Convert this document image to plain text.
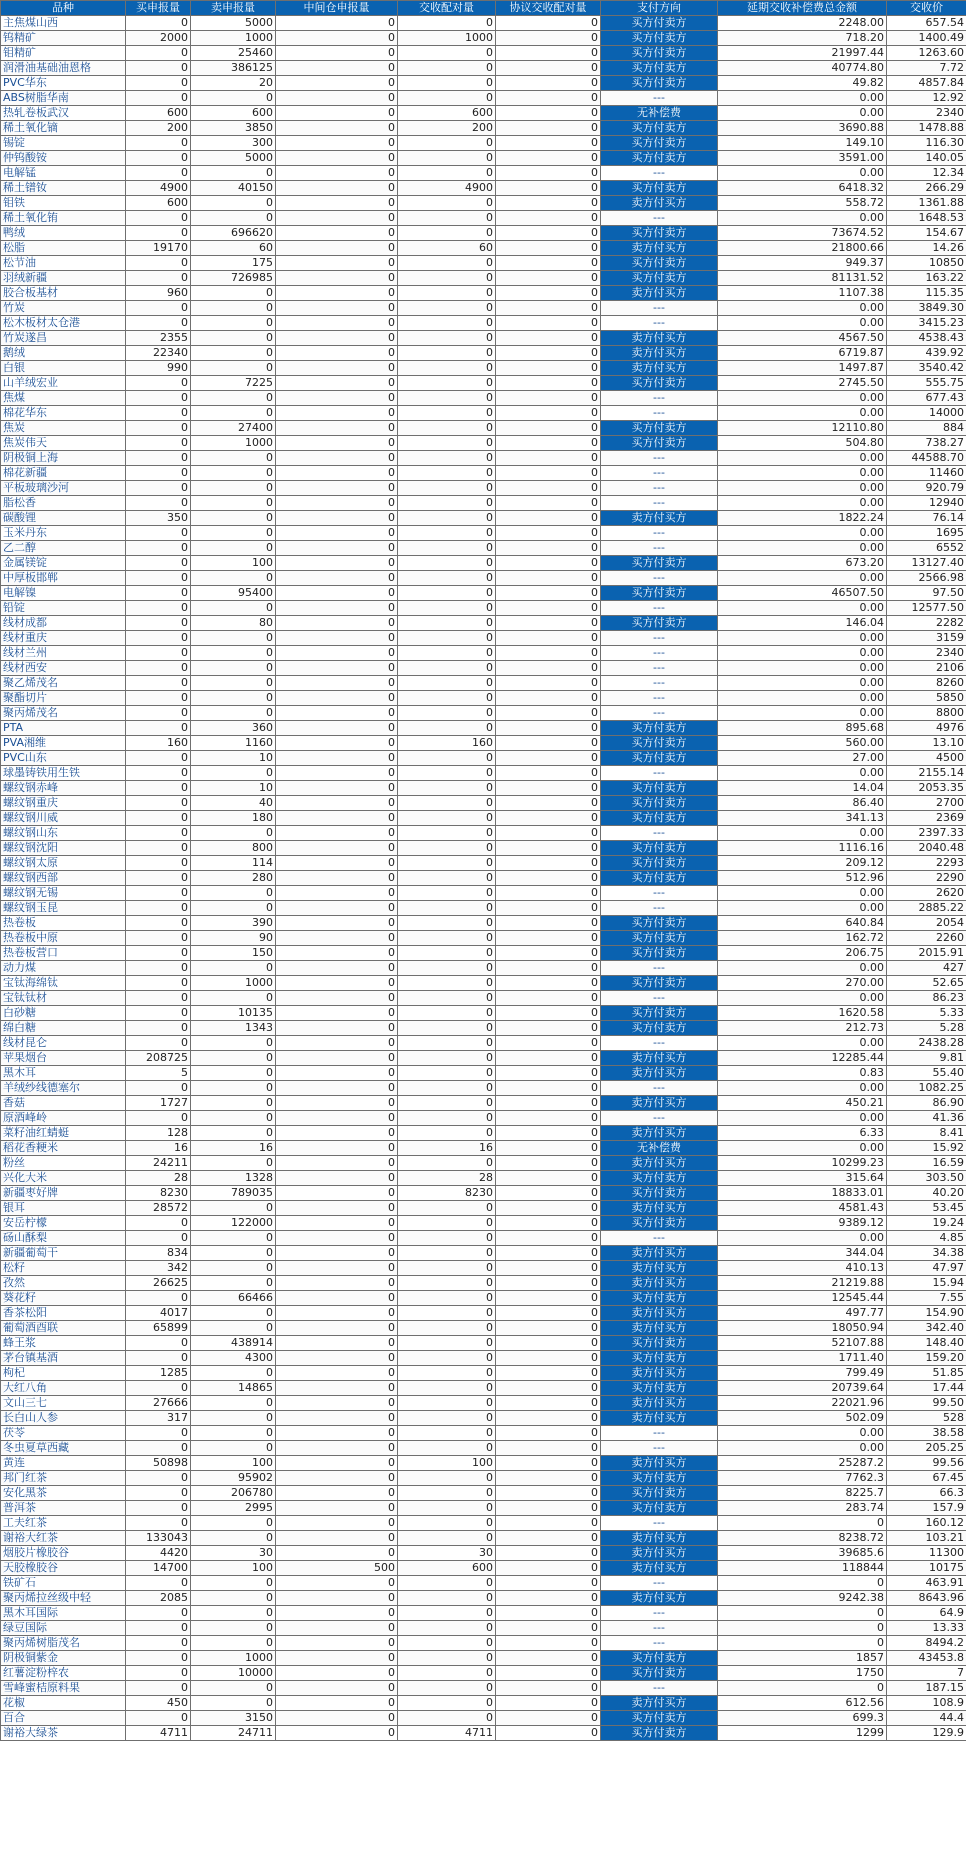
品种	买申报量	卖申报量	中间仓申报量	交收配对量	协议交收配对量	支付方向	延期交收补偿费总金额	交收价
主焦煤山西	0	5000	0	0	0	买方付卖方	2248.00	657.54
钨精矿	2000	1000	0	1000	0	买方付卖方	718.20	1400.49
钼精矿	0	25460	0	0	0	买方付卖方	21997.44	1263.60
润滑油基础油恩格	0	386125	0	0	0	买方付卖方	40774.80	7.72
PVC华东	0	20	0	0	0	买方付卖方	49.82	4857.84
ABS树脂华南	0	0	0	0	0	---	0.00	12.92
热轧卷板武汉	600	600	0	600	0	无补偿费	0.00	2340
稀土氧化镝	200	3850	0	200	0	买方付卖方	3690.88	1478.88
锡锭	0	300	0	0	0	买方付卖方	149.10	116.30
仲钨酸铵	0	5000	0	0	0	买方付卖方	3591.00	140.05
电解锰	0	0	0	0	0	---	0.00	12.34
稀土镨钕	4900	40150	0	4900	0	买方付卖方	6418.32	266.29
钼铁	600	0	0	0	0	卖方付买方	558.72	1361.88
稀土氧化铕	0	0	0	0	0	---	0.00	1648.53
鸭绒	0	696620	0	0	0	买方付卖方	73674.52	154.67
松脂	19170	60	0	60	0	卖方付买方	21800.66	14.26
松节油	0	175	0	0	0	买方付卖方	949.37	10850
羽绒新疆	0	726985	0	0	0	买方付卖方	81131.52	163.22
胶合板基材	960	0	0	0	0	卖方付买方	1107.38	115.35
竹炭	0	0	0	0	0	---	0.00	3849.30
松木板材太仓港	0	0	0	0	0	---	0.00	3415.23
竹炭遂昌	2355	0	0	0	0	卖方付买方	4567.50	4538.43
鹅绒	22340	0	0	0	0	卖方付买方	6719.87	439.92
白银	990	0	0	0	0	卖方付买方	1497.87	3540.42
山羊绒宏业	0	7225	0	0	0	买方付卖方	2745.50	555.75
焦煤	0	0	0	0	0	---	0.00	677.43
棉花华东	0	0	0	0	0	---	0.00	14000
焦炭	0	27400	0	0	0	买方付卖方	12110.80	884
焦炭伟天	0	1000	0	0	0	买方付卖方	504.80	738.27
阴极铜上海	0	0	0	0	0	---	0.00	44588.70
棉花新疆	0	0	0	0	0	---	0.00	11460
平板玻璃沙河	0	0	0	0	0	---	0.00	920.79
脂松香	0	0	0	0	0	---	0.00	12940
碳酸锂	350	0	0	0	0	卖方付买方	1822.24	76.14
玉米丹东	0	0	0	0	0	---	0.00	1695
乙二醇	0	0	0	0	0	---	0.00	6552
金属镁锭	0	100	0	0	0	买方付卖方	673.20	13127.40
中厚板邯郸	0	0	0	0	0	---	0.00	2566.98
电解镍	0	95400	0	0	0	买方付卖方	46507.50	97.50
铅锭	0	0	0	0	0	---	0.00	12577.50
线材成都	0	80	0	0	0	买方付卖方	146.04	2282
线材重庆	0	0	0	0	0	---	0.00	3159
线材兰州	0	0	0	0	0	---	0.00	2340
线材西安	0	0	0	0	0	---	0.00	2106
聚乙烯茂名	0	0	0	0	0	---	0.00	8260
聚酯切片	0	0	0	0	0	---	0.00	5850
聚丙烯茂名	0	0	0	0	0	---	0.00	8800
PTA	0	360	0	0	0	买方付卖方	895.68	4976
PVA湘维	160	1160	0	160	0	买方付卖方	560.00	13.10
PVC山东	0	10	0	0	0	买方付卖方	27.00	4500
球墨铸铁用生铁	0	0	0	0	0	---	0.00	2155.14
螺纹钢赤峰	0	10	0	0	0	买方付卖方	14.04	2053.35
螺纹钢重庆	0	40	0	0	0	买方付卖方	86.40	2700
螺纹钢川威	0	180	0	0	0	买方付卖方	341.13	2369
螺纹钢山东	0	0	0	0	0	---	0.00	2397.33
螺纹钢沈阳	0	800	0	0	0	买方付卖方	1116.16	2040.48
螺纹钢太原	0	114	0	0	0	买方付卖方	209.12	2293
螺纹钢西部	0	280	0	0	0	买方付卖方	512.96	2290
螺纹钢无锡	0	0	0	0	0	---	0.00	2620
螺纹钢玉昆	0	0	0	0	0	---	0.00	2885.22
热卷板	0	390	0	0	0	买方付卖方	640.84	2054
热卷板中原	0	90	0	0	0	买方付卖方	162.72	2260
热卷板营口	0	150	0	0	0	买方付卖方	206.75	2015.91
动力煤	0	0	0	0	0	---	0.00	427
宝钛海绵钛	0	1000	0	0	0	买方付卖方	270.00	52.65
宝钛钛材	0	0	0	0	0	---	0.00	86.23
白砂糖	0	10135	0	0	0	买方付卖方	1620.58	5.33
绵白糖	0	1343	0	0	0	买方付卖方	212.73	5.28
线材昆仑	0	0	0	0	0	---	0.00	2438.28
苹果烟台	208725	0	0	0	0	卖方付买方	12285.44	9.81
黑木耳	5	0	0	0	0	卖方付买方	0.83	55.40
羊绒纱线德塞尔	0	0	0	0	0	---	0.00	1082.25
香菇	1727	0	0	0	0	卖方付买方	450.21	86.90
原酒峰岭	0	0	0	0	0	---	0.00	41.36
菜籽油红蜻蜓	128	0	0	0	0	卖方付买方	6.33	8.41
稻花香粳米	16	16	0	16	0	无补偿费	0.00	15.92
粉丝	24211	0	0	0	0	卖方付买方	10299.23	16.59
兴化大米	28	1328	0	28	0	买方付卖方	315.64	303.50
新疆枣好牌	8230	789035	0	8230	0	买方付卖方	18833.01	40.20
银耳	28572	0	0	0	0	卖方付买方	4581.43	53.45
安岳柠檬	0	122000	0	0	0	买方付卖方	9389.12	19.24
砀山酥梨	0	0	0	0	0	---	0.00	4.85
新疆葡萄干	834	0	0	0	0	卖方付买方	344.04	34.38
松籽	342	0	0	0	0	卖方付买方	410.13	47.97
孜然	26625	0	0	0	0	卖方付买方	21219.88	15.94
葵花籽	0	66466	0	0	0	买方付卖方	12545.44	7.55
香茶松阳	4017	0	0	0	0	卖方付买方	497.77	154.90
葡萄酒酉联	65899	0	0	0	0	卖方付买方	18050.94	342.40
蜂王浆	0	438914	0	0	0	买方付卖方	52107.88	148.40
茅台镇基酒	0	4300	0	0	0	买方付卖方	1711.40	159.20
枸杞	1285	0	0	0	0	卖方付买方	799.49	51.85
大红八角	0	14865	0	0	0	买方付卖方	20739.64	17.44
文山三七	27666	0	0	0	0	卖方付买方	22021.96	99.50
长白山人参	317	0	0	0	0	卖方付买方	502.09	528
茯苓	0	0	0	0	0	---	0.00	38.58
冬虫夏草西藏	0	0	0	0	0	---	0.00	205.25
黄连	50898	100	0	100	0	卖方付买方	25287.2	99.56
邦门红茶	0	95902	0	0	0	买方付卖方	7762.3	67.45
安化黑茶	0	206780	0	0	0	买方付卖方	8225.7	66.3
普洱茶	0	2995	0	0	0	买方付卖方	283.74	157.9
工夫红茶	0	0	0	0	0	---	0	160.12
谢裕大红茶	133043	0	0	0	0	卖方付买方	8238.72	103.21
烟胶片橡胶谷	4420	30	0	30	0	卖方付买方	39685.6	11300
天胶橡胶谷	14700	100	500	600	0	卖方付买方	118844	10175
铁矿石	0	0	0	0	0	---	0	463.91
聚丙烯拉丝级中轻	2085	0	0	0	0	卖方付买方	9242.38	8643.96
黑木耳国际	0	0	0	0	0	---	0	64.9
绿豆国际	0	0	0	0	0	---	0	13.33
聚丙烯树脂茂名	0	0	0	0	0	---	0	8494.2
阴极铜紫金	0	1000	0	0	0	买方付卖方	1857	43453.8
红薯淀粉梓农	0	10000	0	0	0	买方付卖方	1750	7
雪峰蜜桔原料果	0	0	0	0	0	---	0	187.15
花椒	450	0	0	0	0	卖方付买方	612.56	108.9
百合	0	3150	0	0	0	买方付卖方	699.3	44.4
谢裕大绿茶	4711	24711	0	4711	0	买方付卖方	1299	129.9
